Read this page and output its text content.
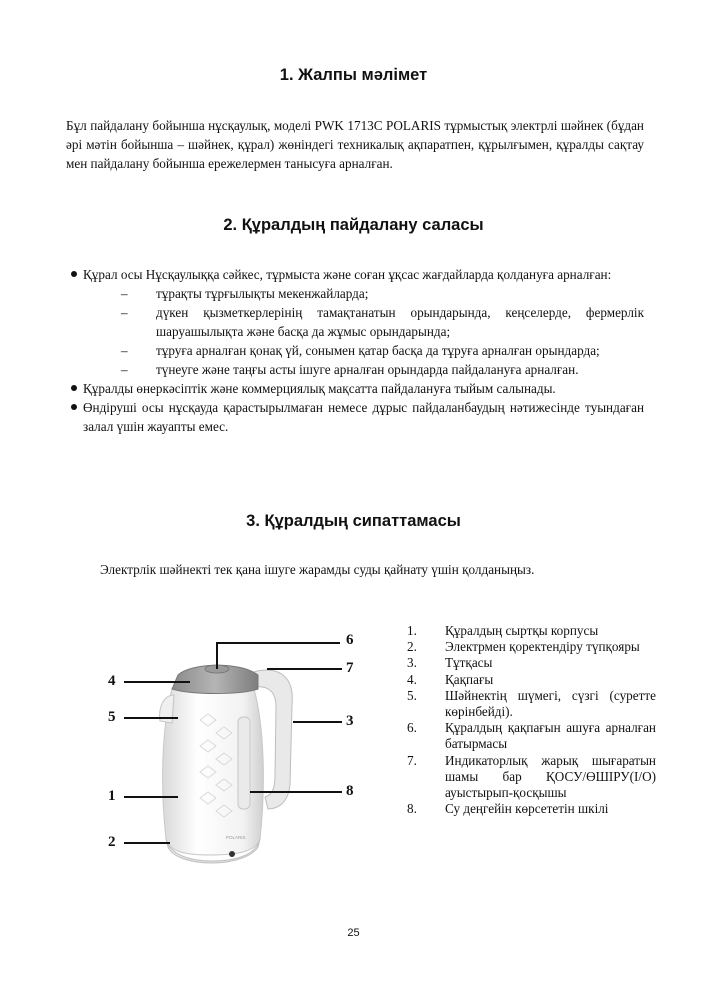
1. Жалпы мәлімет

Бұл пайдалану бойынша нұсқаулық, моделі PWK 1713C POLARIS тұрмыстық электрлі шәйнек (бұдан әрі мәтін бойынша – шәйнек, құрал) жөніндегі техникалық ақпаратпен, құрылғымен, құралды сақтау мен пайдалану бойынша ережелермен танысуға арналған.

2. Құралдың пайдалану саласы
Құрал осы Нұсқаулыққа сәйкес, тұрмыста және соған ұқсас жағдайларда қолдануға арналған:
– тұрақты тұрғылықты мекенжайларда;
– дүкен қызметкерлерінің тамақтанатын орындарында, кеңселерде, фермерлік шаруашылықта және басқа да жұмыс орындарында;
– тұруға арналған қонақ үй, сонымен қатар басқа да тұруға арналған орындарда;
– түнеуге және таңғы асты ішуге арналған орындарда пайдалануға арналған.
Құралды өнеркәсіптік және коммерциялық мақсатта пайдалануға тыйым салынады.
Өндіруші осы нұсқауда қарастырылмаған немесе дұрыс пайдаланбаудың нәтижесінде туындаған залал үшін жауапты емес.
3. Құралдың сипаттамасы

Электрлік шәйнекті тек қана ішуге жарамды суды қайнату үшін қолданыңыз.

POLARIS
6
7
4
5	3
1	8
2
1.	Құралдың сыртқы корпусы
2.	Электрмен қоректендіру түпқояры
3.	Тұтқасы
4.	Қақпағы
5.	Шәйнектің шүмегі, сүзгі (суретте көрінбейді).
6.	Құралдың қақпағын ашуға арналған батырмасы
7.	Индикаторлық жарық шығаратын шамы бар ҚОСУ/ӨШІРУ(І/О) ауыстырып-қосқышы
8.	Су деңгейін көрсететін шкілі
25
